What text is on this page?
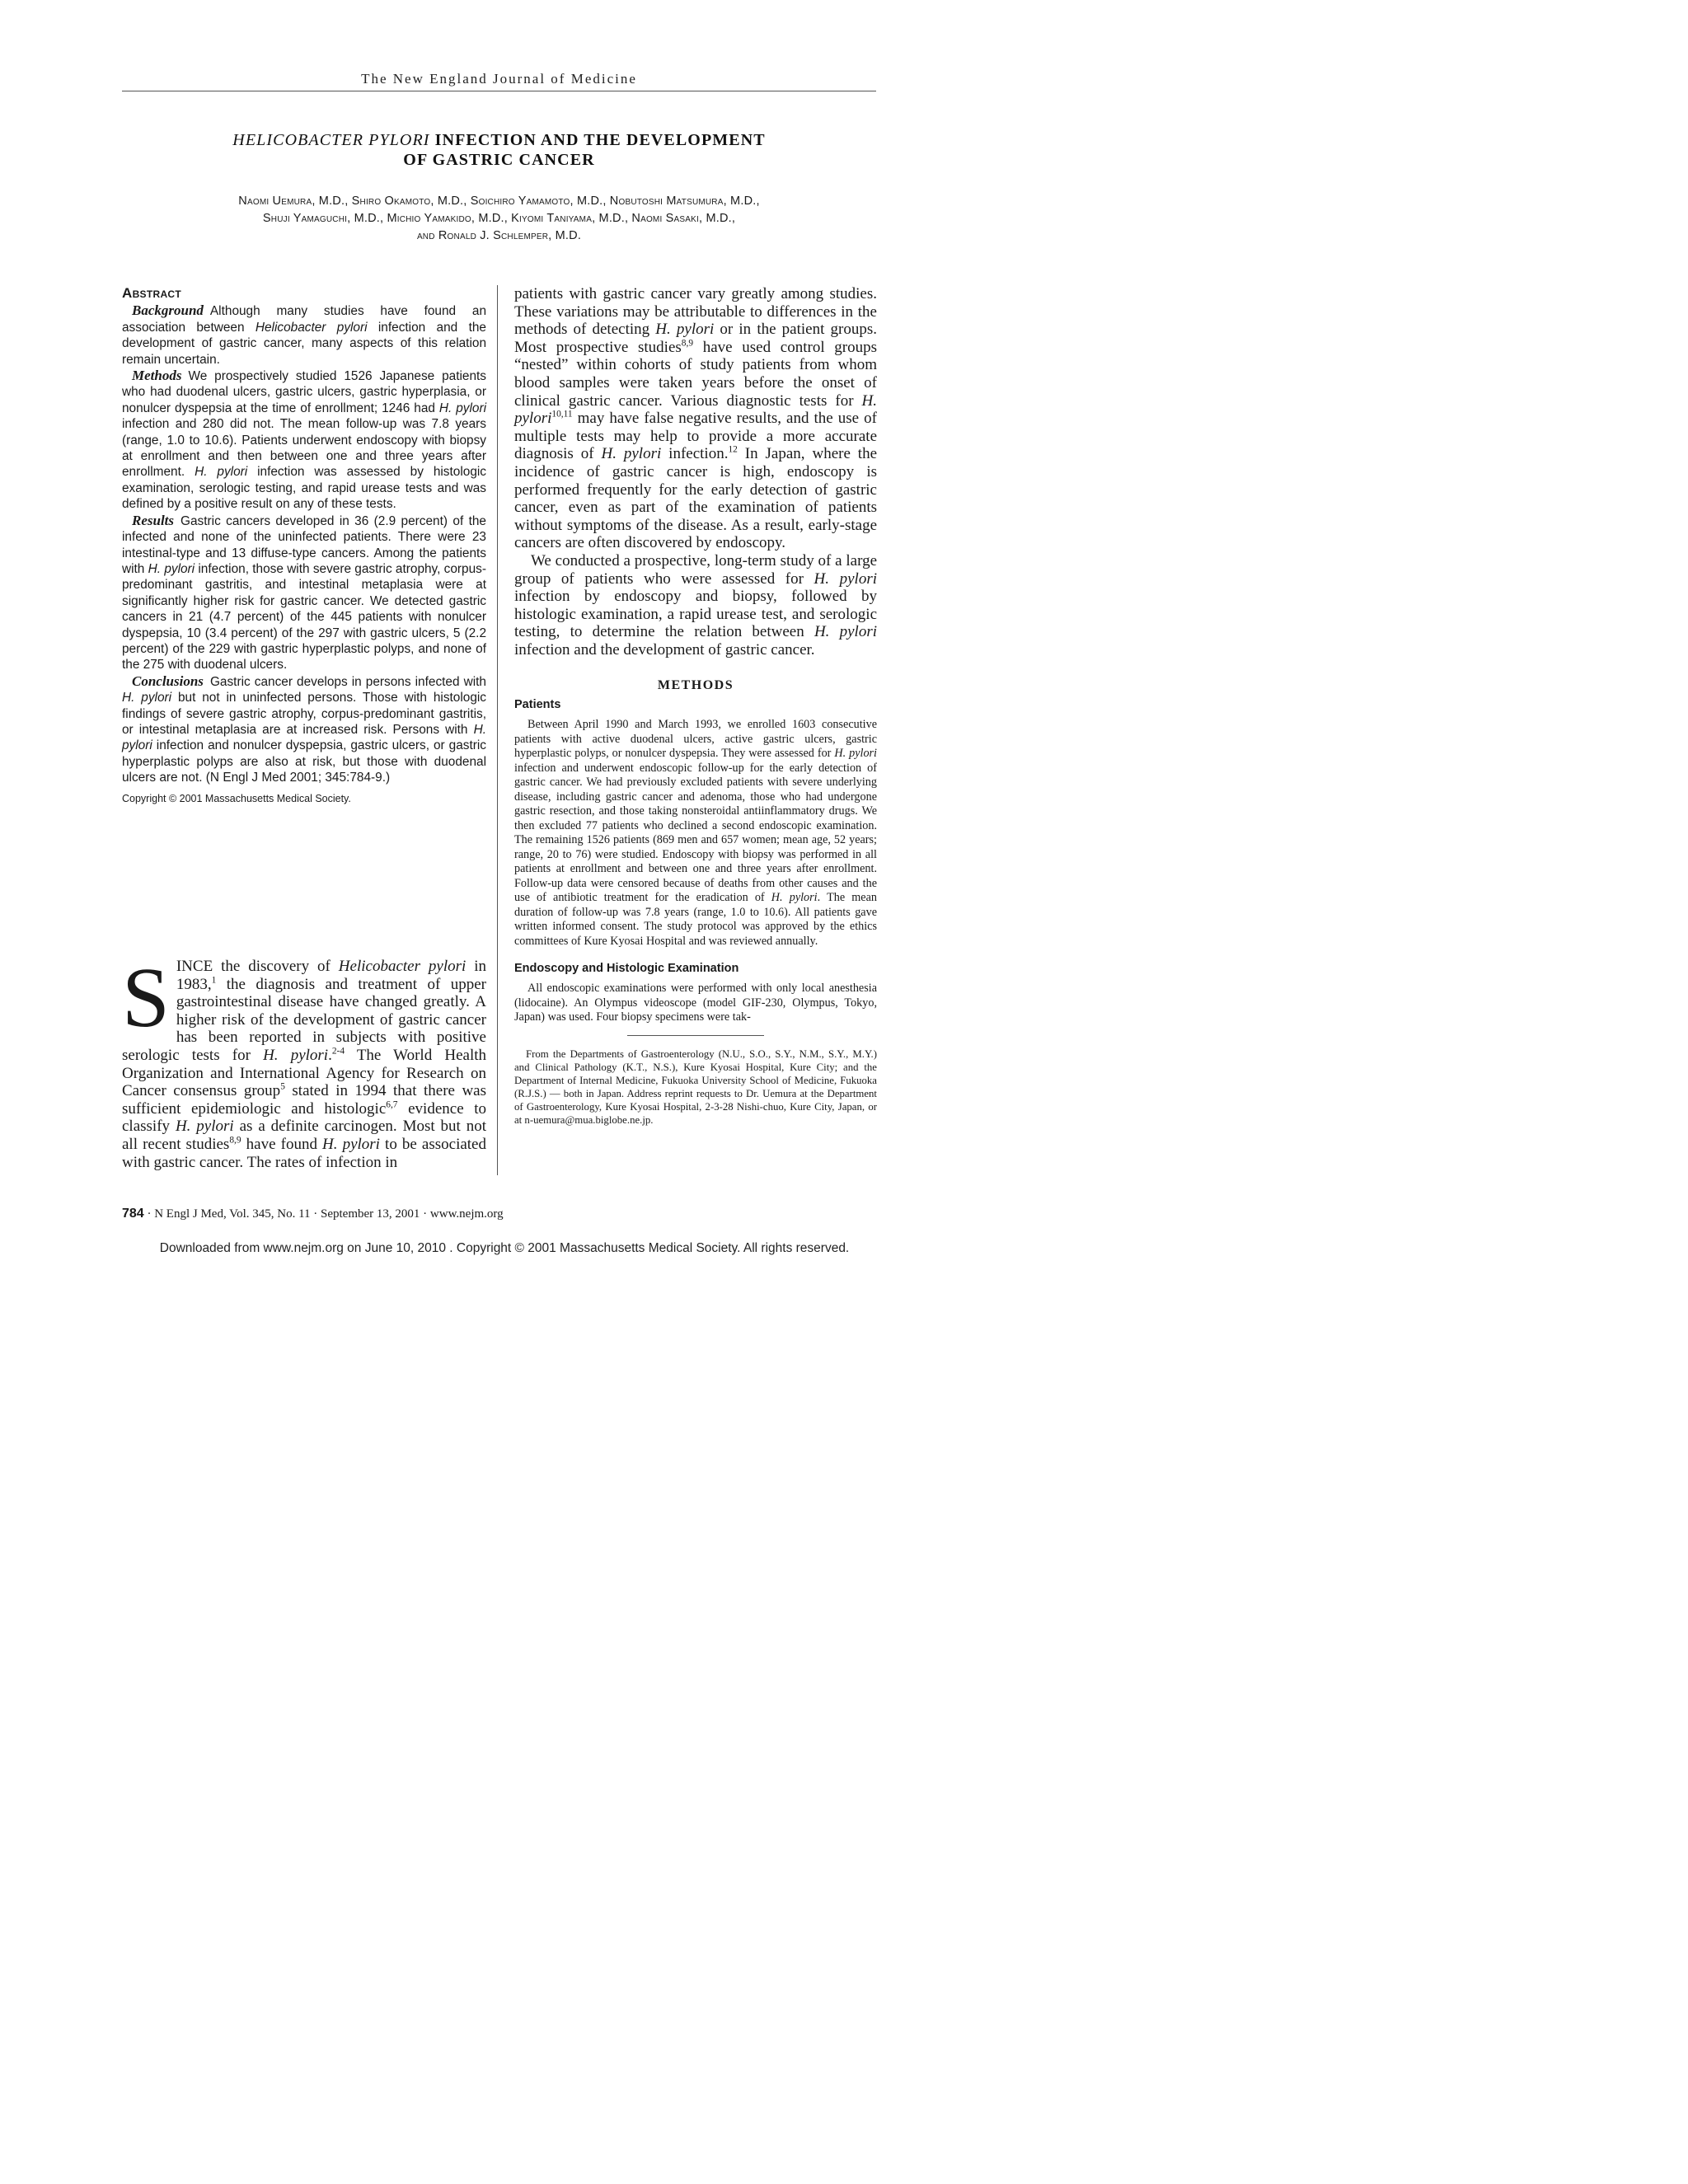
The New England Journal of Medicine
HELICOBACTER PYLORI INFECTION AND THE DEVELOPMENT
OF GASTRIC CANCER
Naomi Uemura, M.D., Shiro Okamoto, M.D., Soichiro Yamamoto, M.D., Nobutoshi Matsumura, M.D.,
Shuji Yamaguchi, M.D., Michio Yamakido, M.D., Kiyomi Taniyama, M.D., Naomi Sasaki, M.D.,
and Ronald J. Schlemper, M.D.
Abstract

Background Although many studies have found an association between Helicobacter pylori infection and the development of gastric cancer, many aspects of this relation remain uncertain.

Methods We prospectively studied 1526 Japanese patients who had duodenal ulcers, gastric ulcers, gastric hyperplasia, or nonulcer dyspepsia at the time of enrollment; 1246 had H. pylori infection and 280 did not. The mean follow-up was 7.8 years (range, 1.0 to 10.6). Patients underwent endoscopy with biopsy at enrollment and then between one and three years after enrollment. H. pylori infection was assessed by histologic examination, serologic testing, and rapid urease tests and was defined by a positive result on any of these tests.

Results Gastric cancers developed in 36 (2.9 percent) of the infected and none of the uninfected patients. There were 23 intestinal-type and 13 diffuse-type cancers. Among the patients with H. pylori infection, those with severe gastric atrophy, corpus-predominant gastritis, and intestinal metaplasia were at significantly higher risk for gastric cancer. We detected gastric cancers in 21 (4.7 percent) of the 445 patients with nonulcer dyspepsia, 10 (3.4 percent) of the 297 with gastric ulcers, 5 (2.2 percent) of the 229 with gastric hyperplastic polyps, and none of the 275 with duodenal ulcers.

Conclusions Gastric cancer develops in persons infected with H. pylori but not in uninfected persons. Those with histologic findings of severe gastric atrophy, corpus-predominant gastritis, or intestinal metaplasia are at increased risk. Persons with H. pylori infection and nonulcer dyspepsia, gastric ulcers, or gastric hyperplastic polyps are also at risk, but those with duodenal ulcers are not. (N Engl J Med 2001; 345:784-9.)

Copyright © 2001 Massachusetts Medical Society.

S INCE the discovery of Helicobacter pylori in 1983,$^1$ the diagnosis and treatment of upper gastrointestinal disease have changed greatly. A higher risk of the development of gastric cancer has been reported in subjects with positive serologic tests for H. pylori.$^{2-4}$ The World Health Organization and International Agency for Research on Cancer consensus group$^5$ stated in 1994 that there was sufficient epidemiologic and histologic$^{6,7}$ evidence to classify H. pylori as a definite carcinogen. Most but not all recent studies$^{8,9}$ have found H. pylori to be associated with gastric cancer. The rates of infection in

patients with gastric cancer vary greatly among studies. These variations may be attributable to differences in the methods of detecting H. pylori or in the patient groups. Most prospective studies$^{8,9}$ have used control groups “nested” within cohorts of study patients from whom blood samples were taken years before the onset of clinical gastric cancer. Various diagnostic tests for H. pylori$^{10,11}$ may have false negative results, and the use of multiple tests may help to provide a more accurate diagnosis of H. pylori infection.$^{12}$ In Japan, where the incidence of gastric cancer is high, endoscopy is performed frequently for the early detection of gastric cancer, even as part of the examination of patients without symptoms of the disease. As a result, early-stage cancers are often discovered by endoscopy.

We conducted a prospective, long-term study of a large group of patients who were assessed for H. pylori infection by endoscopy and biopsy, followed by histologic examination, a rapid urease test, and serologic testing, to determine the relation between H. pylori infection and the development of gastric cancer.

METHODS
Patients

Between April 1990 and March 1993, we enrolled 1603 consecutive patients with active duodenal ulcers, active gastric ulcers, gastric hyperplastic polyps, or nonulcer dyspepsia. They were assessed for H. pylori infection and underwent endoscopic follow-up for the early detection of gastric cancer. We had previously excluded patients with severe underlying disease, including gastric cancer and adenoma, those who had undergone gastric resection, and those taking nonsteroidal antiinflammatory drugs. We then excluded 77 patients who declined a second endoscopic examination. The remaining 1526 patients (869 men and 657 women; mean age, 52 years; range, 20 to 76) were studied. Endoscopy with biopsy was performed in all patients at enrollment and between one and three years after enrollment. Follow-up data were censored because of deaths from other causes and the use of antibiotic treatment for the eradication of H. pylori. The mean duration of follow-up was 7.8 years (range, 1.0 to 10.6). All patients gave written informed consent. The study protocol was approved by the ethics committees of Kure Kyosai Hospital and was reviewed annually.

Endoscopy and Histologic Examination

All endoscopic examinations were performed with only local anesthesia (lidocaine). An Olympus videoscope (model GIF-230, Olympus, Tokyo, Japan) was used. Four biopsy specimens were tak-

From the Departments of Gastroenterology (N.U., S.O., S.Y., N.M., S.Y., M.Y.) and Clinical Pathology (K.T., N.S.), Kure Kyosai Hospital, Kure City; and the Department of Internal Medicine, Fukuoka University School of Medicine, Fukuoka (R.J.S.) — both in Japan. Address reprint requests to Dr. Uemura at the Department of Gastroenterology, Kure Kyosai Hospital, 2-3-28 Nishi-chuo, Kure City, Japan, or at n-uemura@mua.biglobe.ne.jp.

784 · N Engl J Med, Vol. 345, No. 11 · September 13, 2001 · www.nejm.org
Downloaded from www.nejm.org on June 10, 2010 . Copyright © 2001 Massachusetts Medical Society. All rights reserved.
